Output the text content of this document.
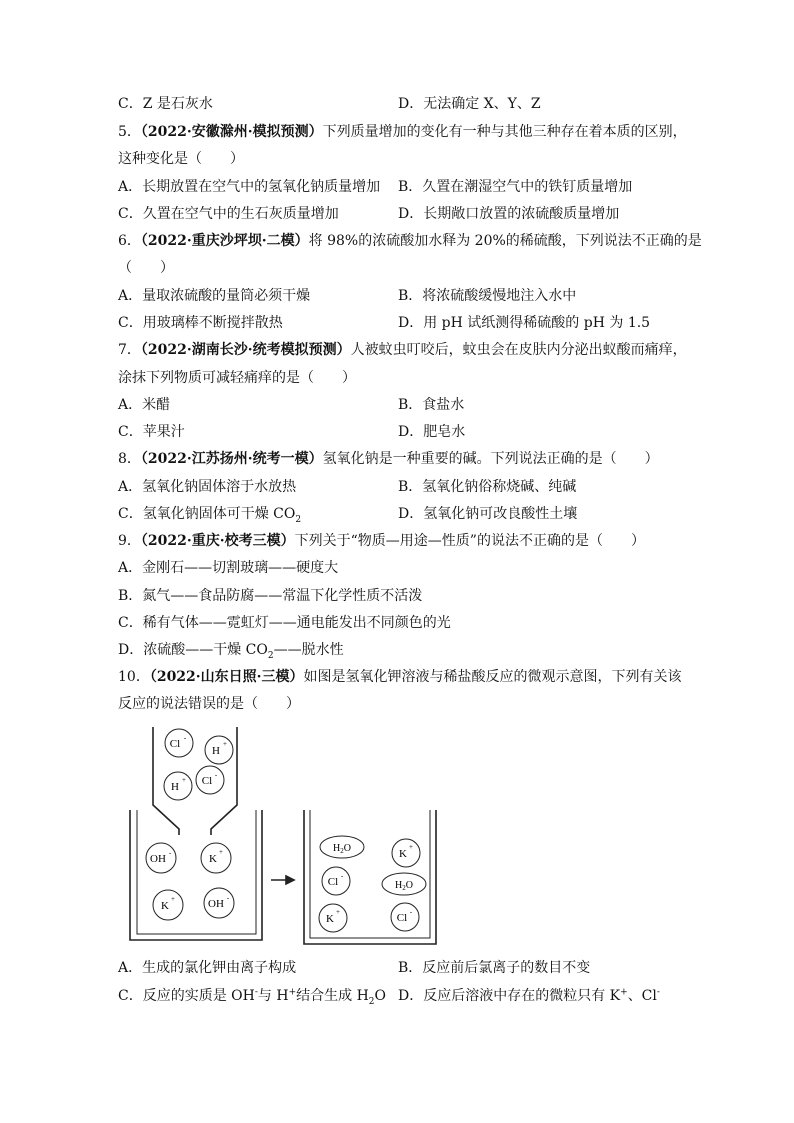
C．Z 是石灰水	D．无法确定 X、Y、Z
5．（2022·安徽滁州·模拟预测）下列质量增加的变化有一种与其他三种存在着本质的区别，
这种变化是（　　）
A．长期放置在空气中的氢氧化钠质量增加 B．久置在潮湿空气中的铁钉质量增加
C．久置在空气中的生石灰质量增加	D．长期敞口放置的浓硫酸质量增加
6．（2022·重庆沙坪坝·二模）将 98%的浓硫酸加水释为 20%的稀硫酸，下列说法不正确的是
（　　）
A．量取浓硫酸的量筒必须干燥	B．将浓硫酸缓慢地注入水中
C．用玻璃棒不断搅拌散热	D．用 pH 试纸测得稀硫酸的 pH 为 1.5
7．（2022·湖南长沙·统考模拟预测）人被蚊虫叮咬后，蚊虫会在皮肤内分泌出蚁酸而痛痒，
涂抹下列物质可减轻痛痒的是（　　）
A．米醋	B．食盐水
C．苹果汁	D．肥皂水
8．（2022·江苏扬州·统考一模）氢氧化钠是一种重要的碱。下列说法正确的是（　　）
A．氢氧化钠固体溶于水放热	B．氢氧化钠俗称烧碱、纯碱
C．氢氧化钠固体可干燥 $CO_2$	D．氢氧化钠可改良酸性土壤
9．（2022·重庆·校考三模）下列关于“物质—用途—性质”的说法不正确的是（　　）
A．金刚石——切割玻璃——硬度大
B．氮气——食品防腐——常温下化学性质不活泼
C．稀有气体——霓虹灯——通电能发出不同颜色的光
D．浓硫酸——干燥 $CO_2——$脱水性
10．（2022·山东日照·三模）如图是氢氧化钾溶液与稀盐酸反应的微观示意图，下列有关该
反应的说法错误的是（　　）
Cl -
H
+
H
+ Cl -
OH -	K
+
K
+	OH -
$H_2O$	K
+
Cl -
$H_2O$
K
+	Cl -
A．生成的氯化钾由离子构成	B．反应前后氯离子的数目不变
C．反应的实质是 OH-与 H+结合生成 $H_2O$ D．反应后溶液中存在的微粒只有 K+、Cl-
